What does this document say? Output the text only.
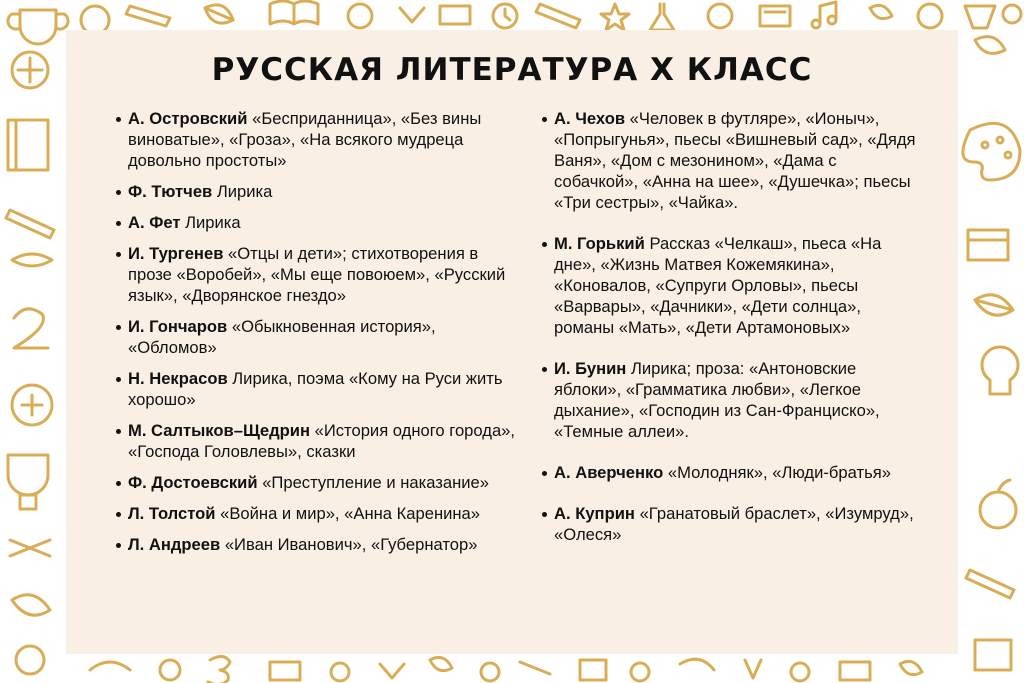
РУССКАЯ ЛИТЕРАТУРА X КЛАСС
А. Островский «Бесприданница», «Без вины виноватые», «Гроза», «На всякого мудреца довольно простоты»
Ф. Тютчев Лирика
А. Фет Лирика
И. Тургенев «Отцы и дети»; стихотворения в прозе «Воробей», «Мы еще повоюем», «Русский язык», «Дворянское гнездо»
И. Гончаров «Обыкновенная история», «Обломов»
Н. Некрасов Лирика, поэма «Кому на Руси жить хорошо»
М. Салтыков–Щедрин «История одного города», «Господа Головлевы», сказки
Ф. Достоевский «Преступление и наказание»
Л. Толстой «Война и мир», «Анна Каренина»
Л. Андреев «Иван Иванович», «Губернатор»
А. Чехов «Человек в футляре», «Ионыч», «Попрыгунья», пьесы «Вишневый сад», «Дядя Ваня», «Дом с мезонином», «Дама с собачкой», «Анна на шее», «Душечка»; пьесы «Три сестры», «Чайка».
М. Горький Рассказ «Челкаш», пьеса «На дне», «Жизнь Матвея Кожемякина», «Коновалов, «Супруги Орловы», пьесы «Варвары», «Дачники», «Дети солнца», романы «Мать», «Дети Артамоновых»
И. Бунин Лирика; проза: «Антоновские яблоки», «Грамматика любви», «Легкое дыхание», «Господин из Сан-Франциско», «Темные аллеи».
А. Аверченко «Молодняк», «Люди-братья»
А. Куприн «Гранатовый браслет», «Изумруд», «Олеся»
